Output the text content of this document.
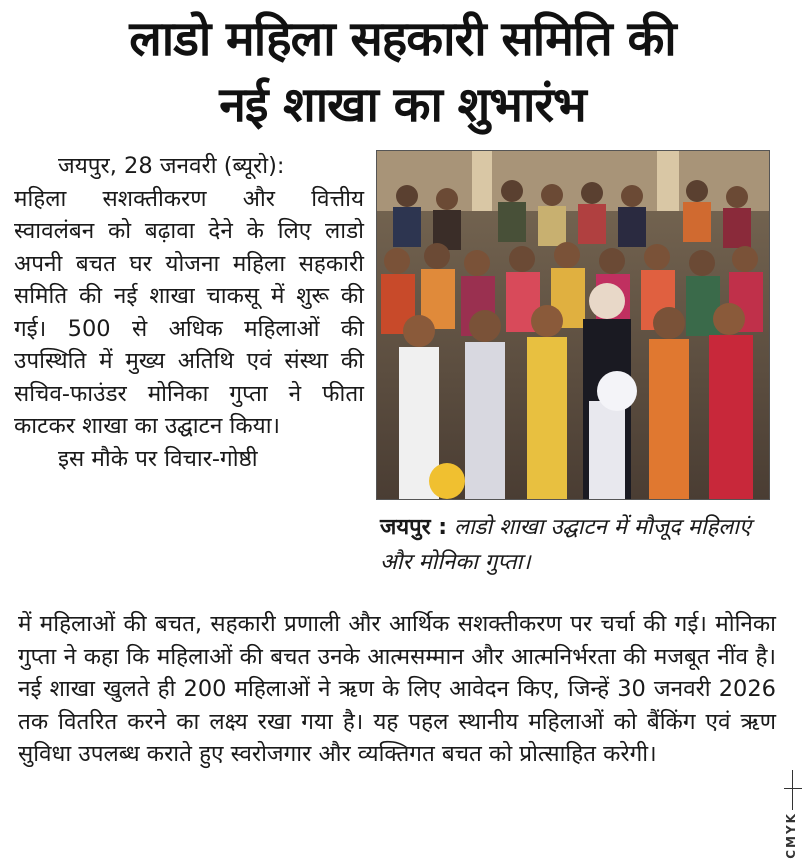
लाडो महिला सहकारी समिति की
नई शाखा का शुभारंभ

जयपुर, 28 जनवरी (ब्यूरो):

महिला सशक्तीकरण और वित्तीय स्वावलंबन को बढ़ावा देने के लिए लाडो अपनी बचत घर योजना महिला सहकारी समिति की नई शाखा चाकसू में शुरू की गई। 500 से अधिक महिलाओं की उपस्थिति में मुख्य अतिथि एवं संस्था की सचिव-फाउंडर मोनिका गुप्ता ने फीता काटकर शाखा का उद्घाटन किया।

इस मौके पर विचार-गोष्ठी

जयपुर : लाडो शाखा उद्घाटन में मौजूद महिलाएं और मोनिका गुप्ता।

में महिलाओं की बचत, सहकारी प्रणाली और आर्थिक सशक्तीकरण पर चर्चा की गई। मोनिका गुप्ता ने कहा कि महिलाओं की बचत उनके आत्मसम्मान और आत्मनिर्भरता की मजबूत नींव है। नई शाखा खुलते ही 200 महिलाओं ने ऋण के लिए आवेदन किए, जिन्हें 30 जनवरी 2026 तक वितरित करने का लक्ष्य रखा गया है। यह पहल स्थानीय महिलाओं को बैंकिंग एवं ऋण सुविधा उपलब्ध कराते हुए स्वरोजगार और व्यक्तिगत बचत को प्रोत्साहित करेगी।

CMYK
